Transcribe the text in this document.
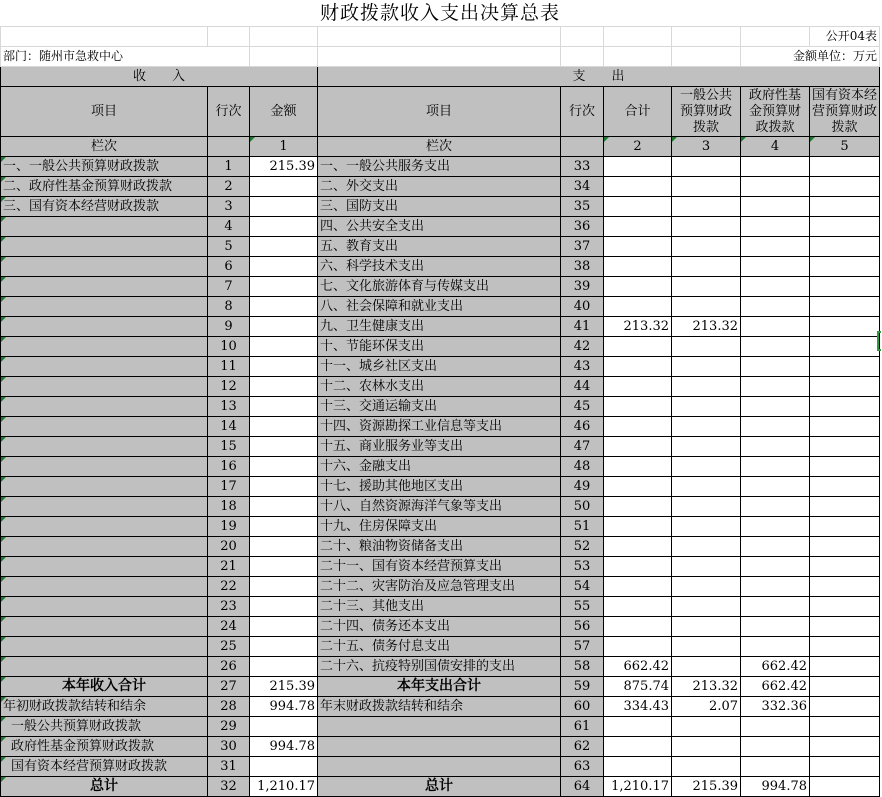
财政拨款收入支出决算总表								
								公开04表
部门：随州市急救中心							金额单位：万元	
收　　入			支　　出					
项目	行次	金额	项目	行次	合计	一般公共预算财政拨款	政府性基金预算财政拨款	国有资本经营预算财政拨款
栏次		1	栏次		2	3	4	5
一、一般公共预算财政拨款	1	215.39	一、一般公共服务支出	33				
二、政府性基金预算财政拨款	2		二、外交支出	34				
三、国有资本经营财政拨款	3		三、国防支出	35				
	4		四、公共安全支出	36				
	5		五、教育支出	37				
	6		六、科学技术支出	38				
	7		七、文化旅游体育与传媒支出	39				
	8		八、社会保障和就业支出	40				
	9		九、卫生健康支出	41	213.32	213.32		
	10		十、节能环保支出	42				
	11		十一、城乡社区支出	43				
	12		十二、农林水支出	44				
	13		十三、交通运输支出	45				
	14		十四、资源勘探工业信息等支出	46				
	15		十五、商业服务业等支出	47				
	16		十六、金融支出	48				
	17		十七、援助其他地区支出	49				
	18		十八、自然资源海洋气象等支出	50				
	19		十九、住房保障支出	51				
	20		二十、粮油物资储备支出	52				
	21		二十一、国有资本经营预算支出	53				
	22		二十二、灾害防治及应急管理支出	54				
	23		二十三、其他支出	55				
	24		二十四、债务还本支出	56				
	25		二十五、债务付息支出	57				
	26		二十六、抗疫特别国债安排的支出	58	662.42		662.42	
本年收入合计	27	215.39	本年支出合计	59	875.74	213.32	662.42	
年初财政拨款结转和结余	28	994.78	年末财政拨款结转和结余	60	334.43	2.07	332.36	
一般公共预算财政拨款	29			61				
政府性基金预算财政拨款	30	994.78		62				
国有资本经营预算财政拨款	31			63				
总计	32	1,210.17	总计	64	1,210.17	215.39	994.78	
